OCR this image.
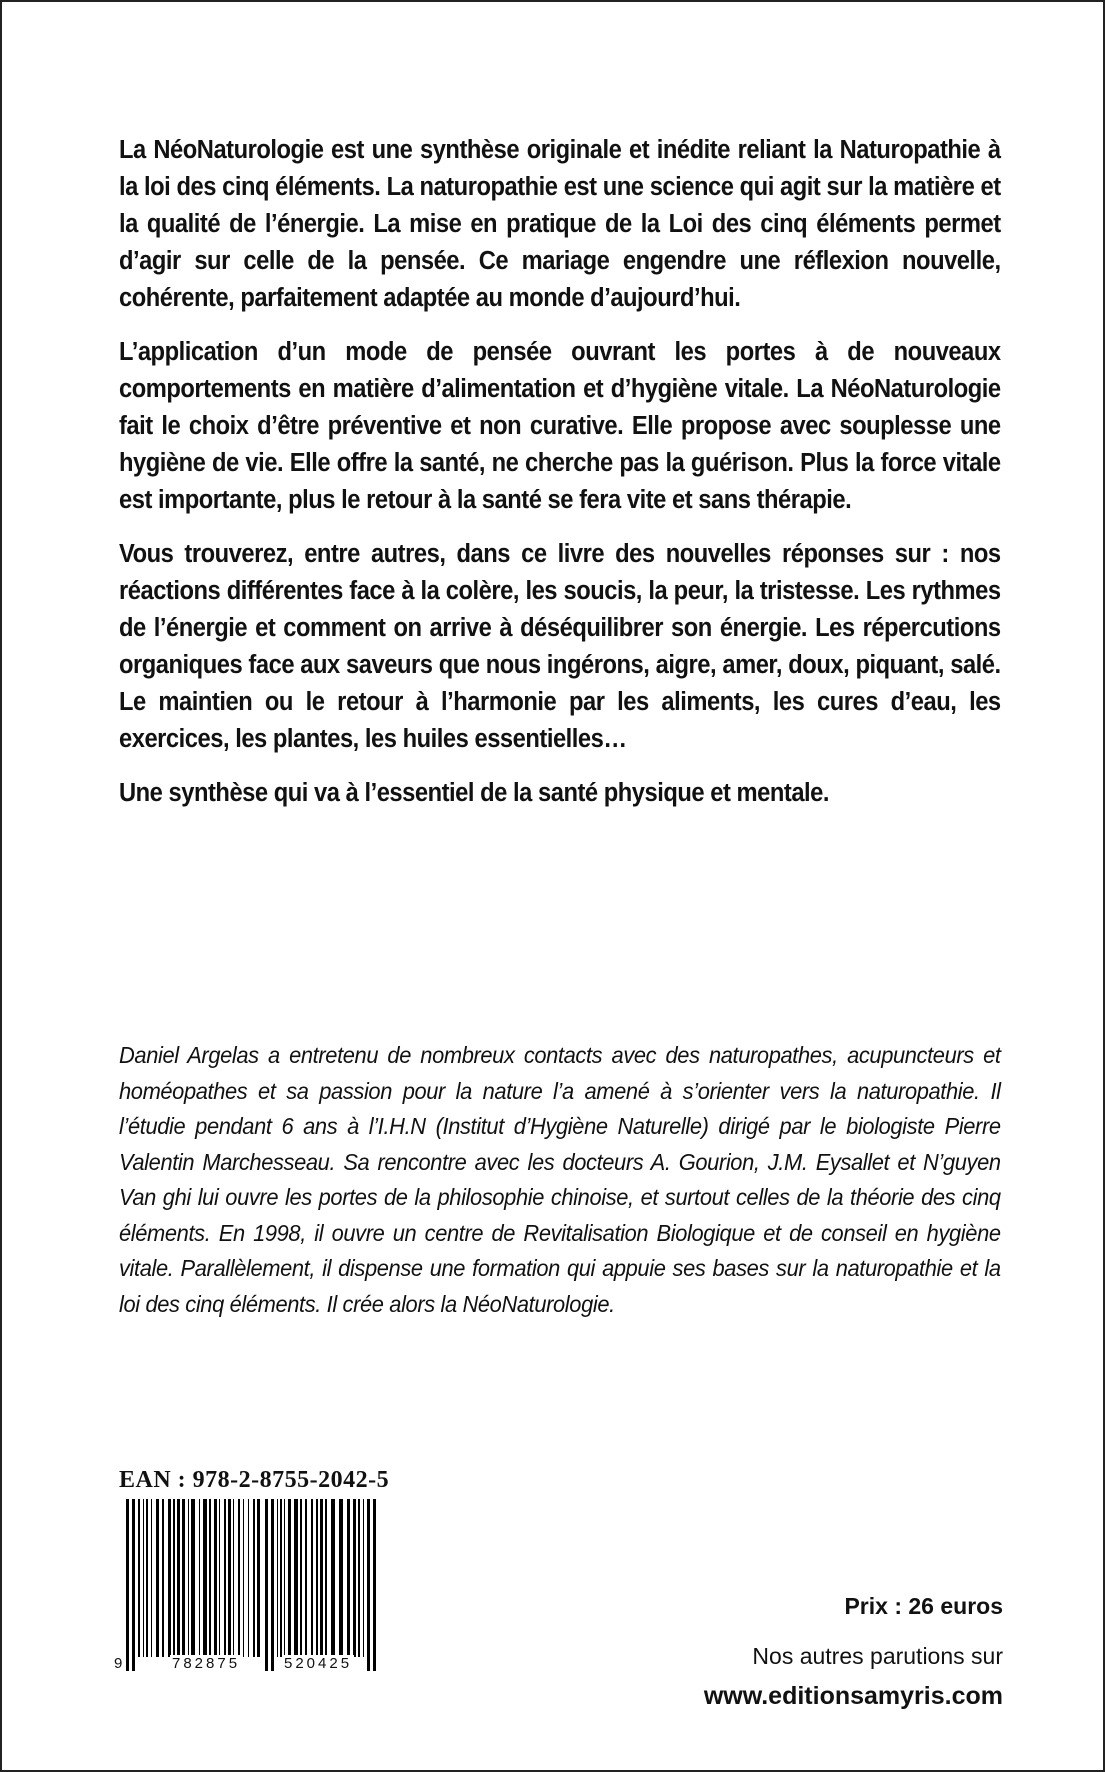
La NéoNaturologie est une synthèse originale et inédite reliant la Naturopathie à la loi des cinq éléments. La naturopathie est une science qui agit sur la matière et la qualité de l’énergie. La mise en pratique de la Loi des cinq éléments permet d’agir sur celle de la pensée. Ce mariage engendre une réflexion nouvelle, cohérente, parfaitement adaptée au monde d’aujourd’hui.

L’application d’un mode de pensée ouvrant les portes à de nouveaux comportements en matière d’alimentation et d’hygiène vitale. La NéoNaturologie fait le choix d’être préventive et non curative. Elle propose avec souplesse une hygiène de vie. Elle offre la santé, ne cherche pas la guérison. Plus la force vitale est importante, plus le retour à la santé se fera vite et sans thérapie.

Vous trouverez, entre autres, dans ce livre des nouvelles réponses sur : nos réactions différentes face à la colère, les soucis, la peur, la tristesse. Les rythmes de l’énergie et comment on arrive à déséquilibrer son énergie. Les répercutions organiques face aux saveurs que nous ingérons, aigre, amer, doux, piquant, salé. Le maintien ou le retour à l’harmonie par les aliments, les cures d’eau, les exercices, les plantes, les huiles essentielles…

Une synthèse qui va à l’essentiel de la santé physique et mentale.

Daniel Argelas a entretenu de nombreux contacts avec des naturopathes, acupuncteurs et homéopathes et sa passion pour la nature l’a amené à s’orienter vers la naturopathie. Il l’étudie pendant 6 ans à l’I.H.N (Institut d’Hygiène Naturelle) dirigé par le biologiste Pierre Valentin Marchesseau. Sa rencontre avec les docteurs A. Gourion, J.M. Eysallet et N’guyen Van ghi lui ouvre les portes de la philosophie chinoise, et surtout celles de la théorie des cinq éléments. En 1998, il ouvre un centre de Revitalisation Biologique et de conseil en hygiène vitale. Parallèlement, il dispense une formation qui appuie ses bases sur la naturopathie et la loi des cinq éléments. Il crée alors la NéoNaturologie.

EAN : 978-2-8755-2042-5
9	782875	520425
Prix : 26 euros
Nos autres parutions sur
www.editionsamyris.com
